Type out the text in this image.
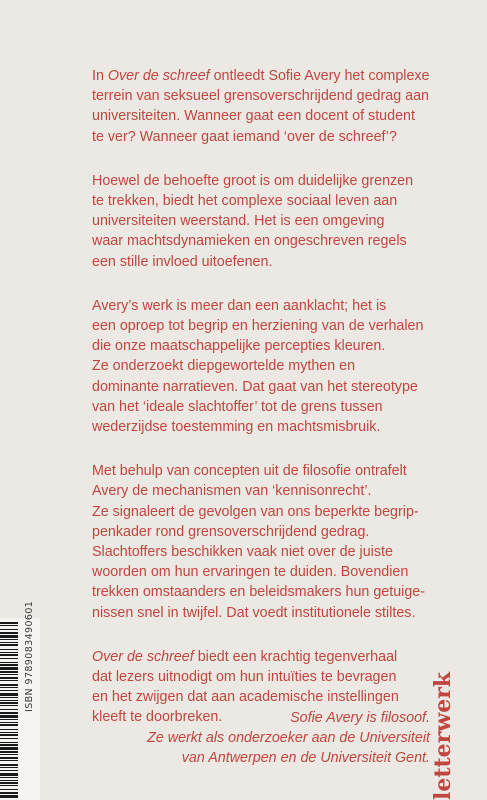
In Over de schreef ontleedt Sofie Avery het complexe
terrein van seksueel grensoverschrijdend gedrag aan
universiteiten. Wanneer gaat een docent of student
te ver? Wanneer gaat iemand ‘over de schreef’?

Hoewel de behoefte groot is om duidelijke grenzen
te trekken, biedt het complexe sociaal leven aan
universiteiten weerstand. Het is een omgeving
waar machtsdynamieken en ongeschreven regels
een stille invloed uitoefenen.

Avery’s werk is meer dan een aanklacht; het is
een oproep tot begrip en herziening van de verhalen
die onze maatschappelijke percepties kleuren.
Ze onderzoekt diepgewortelde mythen en
dominante narratieven. Dat gaat van het stereotype
van het ‘ideale slachtoffer’ tot de grens tussen
wederzijdse toestemming en machtsmisbruik.

Met behulp van concepten uit de filosofie ontrafelt
Avery de mechanismen van ‘kennisonrecht’.
Ze signaleert de gevolgen van ons beperkte begrip-
penkader rond grensoverschrijdend gedrag.
Slachtoffers beschikken vaak niet over de juiste
woorden om hun ervaringen te duiden. Bovendien
trekken omstaanders en beleidsmakers hun getuige-
nissen snel in twijfel. Dat voedt institutionele stiltes.

Over de schreef biedt een krachtig tegenverhaal
dat lezers uitnodigt om hun intuïties te bevragen
en het zwijgen dat aan academische instellingen
kleeft te doorbreken.	Sofie Avery is filosoof.
Ze werkt als onderzoeker aan de Universiteit
van Antwerpen en de Universiteit Gent.
ISBN 9789083490601
letterwerk
